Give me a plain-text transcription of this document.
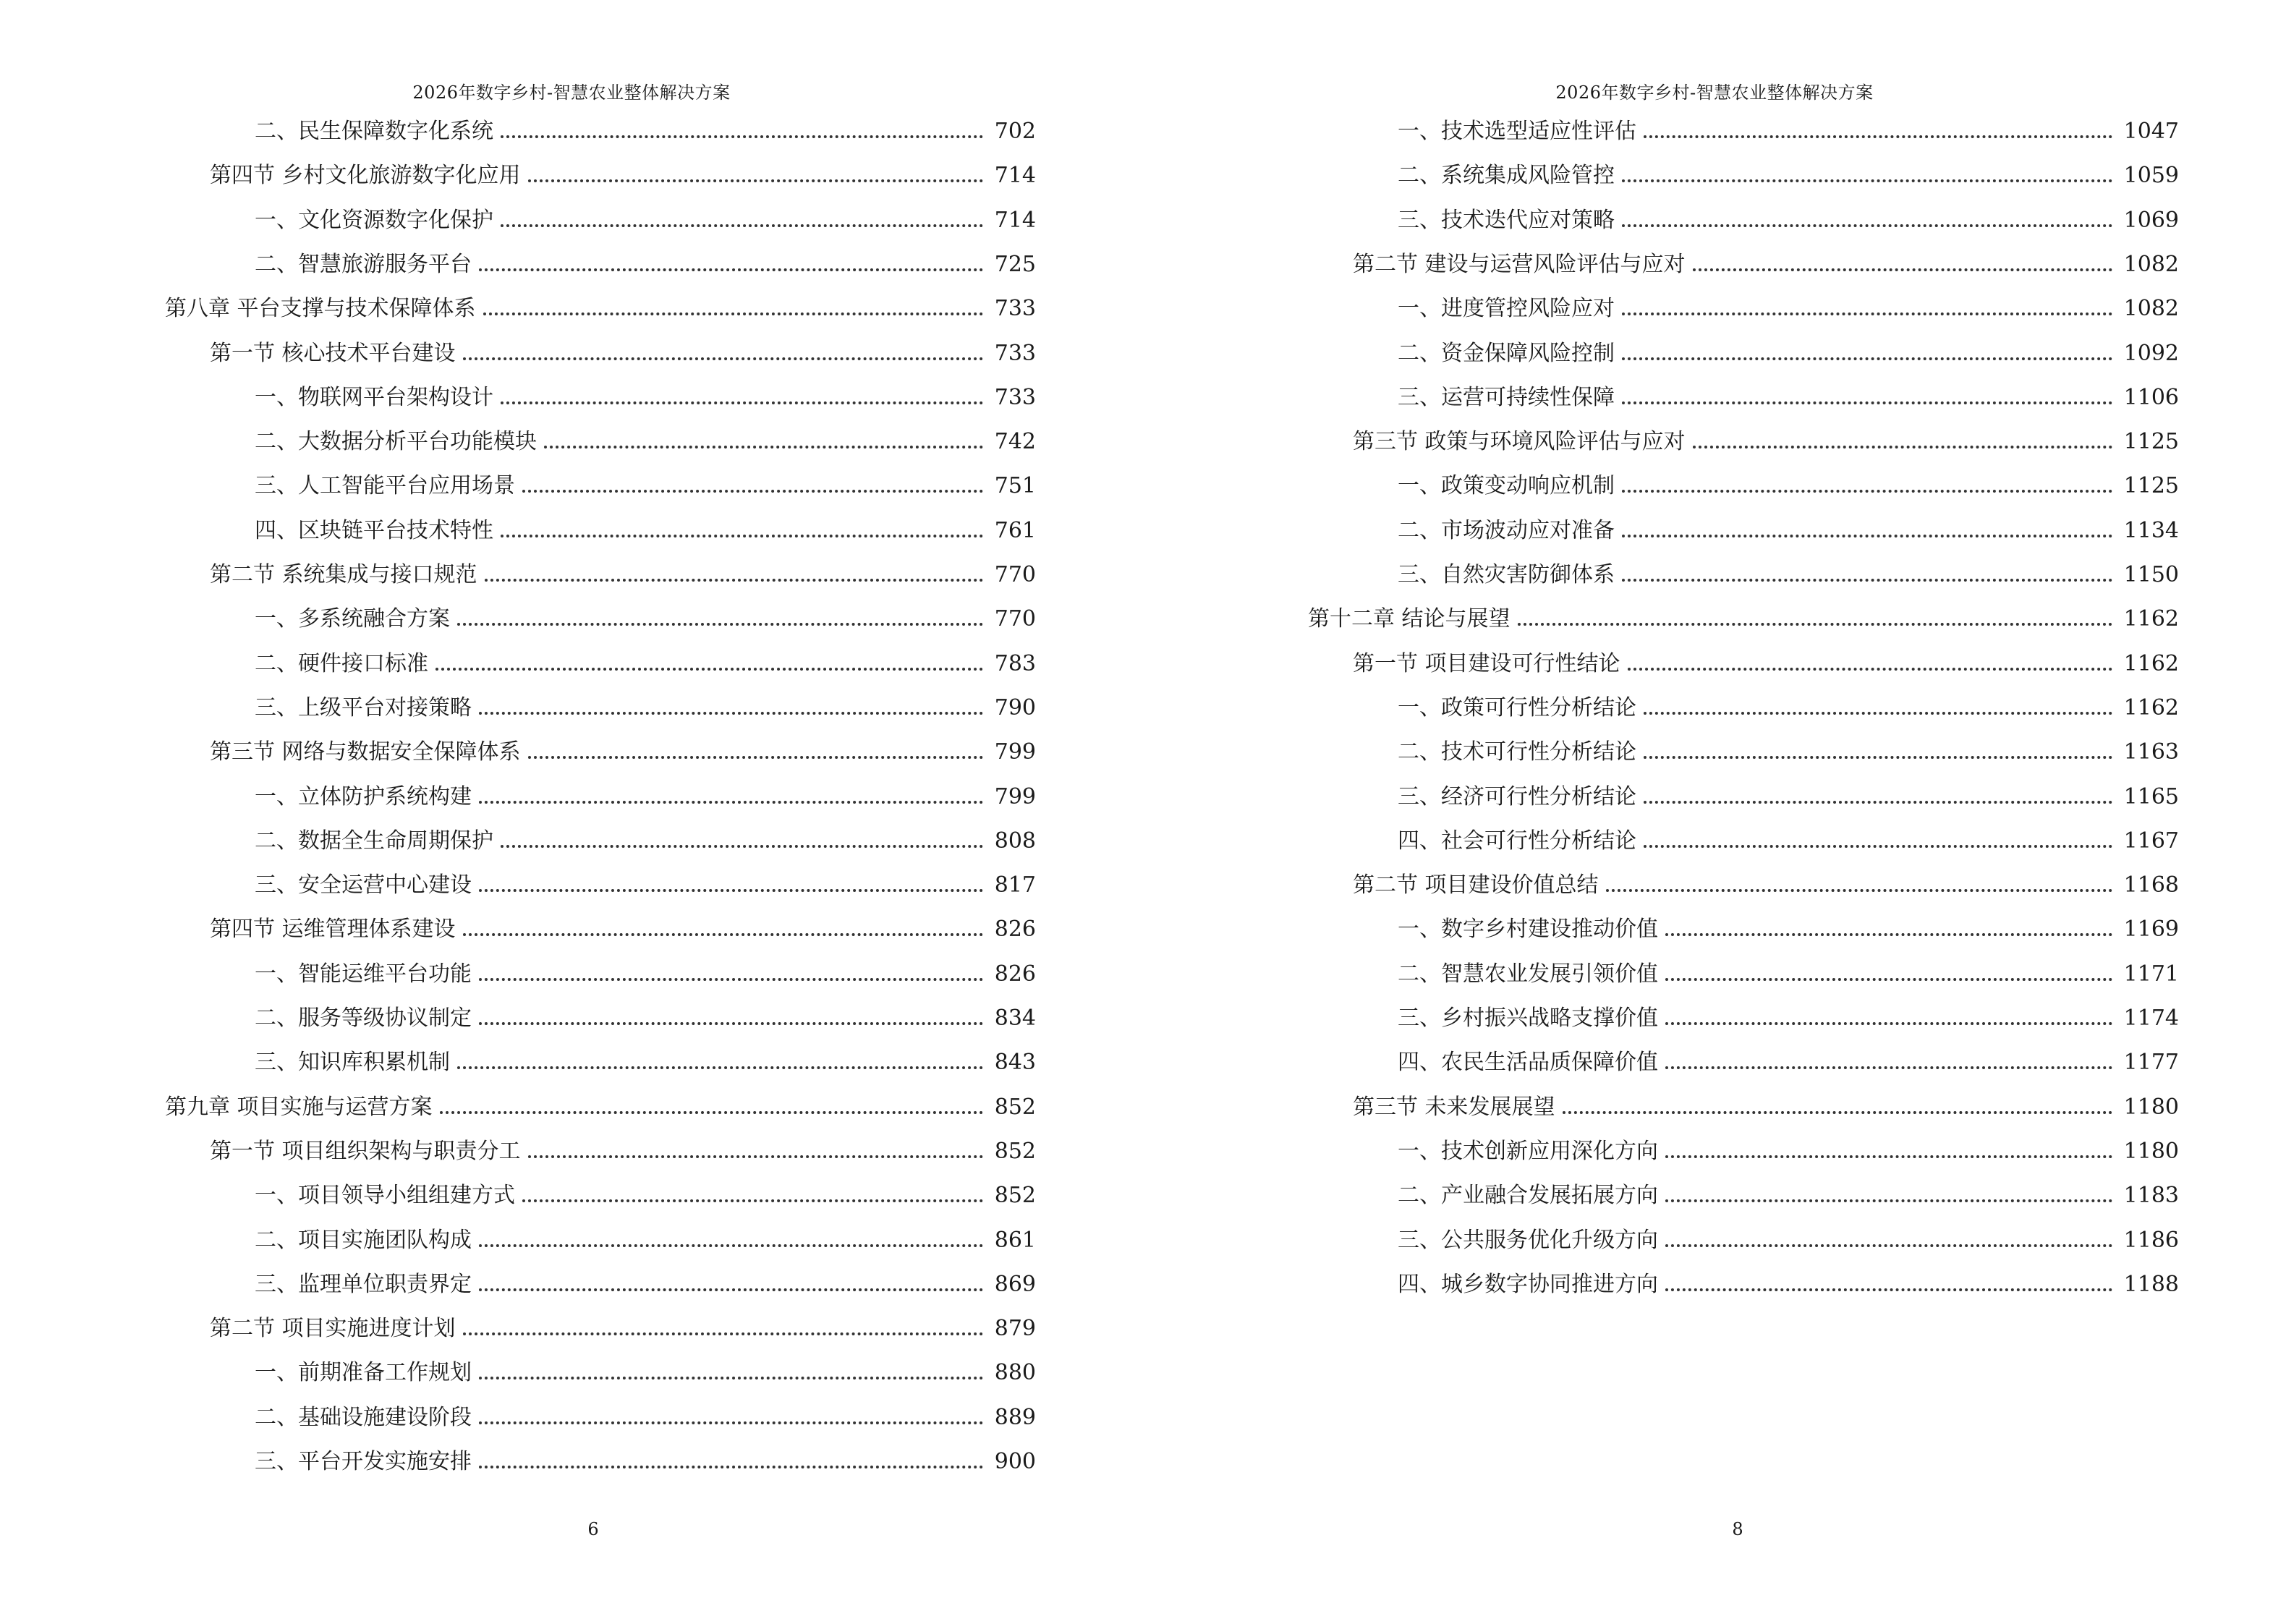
2026年数字乡村-智慧农业整体解决方案
二、民生保障数字化系统	702
第四节 乡村文化旅游数字化应用	714
一、文化资源数字化保护	714
二、智慧旅游服务平台	725
第八章 平台支撑与技术保障体系	733
第一节 核心技术平台建设	733
一、物联网平台架构设计	733
二、大数据分析平台功能模块	742
三、人工智能平台应用场景	751
四、区块链平台技术特性	761
第二节 系统集成与接口规范	770
一、多系统融合方案	770
二、硬件接口标准	783
三、上级平台对接策略	790
第三节 网络与数据安全保障体系	799
一、立体防护系统构建	799
二、数据全生命周期保护	808
三、安全运营中心建设	817
第四节 运维管理体系建设	826
一、智能运维平台功能	826
二、服务等级协议制定	834
三、知识库积累机制	843
第九章 项目实施与运营方案	852
第一节 项目组织架构与职责分工	852
一、项目领导小组组建方式	852
二、项目实施团队构成	861
三、监理单位职责界定	869
第二节 项目实施进度计划	879
一、前期准备工作规划	880
二、基础设施建设阶段	889
三、平台开发实施安排	900
6
2026年数字乡村-智慧农业整体解决方案
一、技术选型适应性评估	1047
二、系统集成风险管控	1059
三、技术迭代应对策略	1069
第二节 建设与运营风险评估与应对	1082
一、进度管控风险应对	1082
二、资金保障风险控制	1092
三、运营可持续性保障	1106
第三节 政策与环境风险评估与应对	1125
一、政策变动响应机制	1125
二、市场波动应对准备	1134
三、自然灾害防御体系	1150
第十二章 结论与展望	1162
第一节 项目建设可行性结论	1162
一、政策可行性分析结论	1162
二、技术可行性分析结论	1163
三、经济可行性分析结论	1165
四、社会可行性分析结论	1167
第二节 项目建设价值总结	1168
一、数字乡村建设推动价值	1169
二、智慧农业发展引领价值	1171
三、乡村振兴战略支撑价值	1174
四、农民生活品质保障价值	1177
第三节 未来发展展望	1180
一、技术创新应用深化方向	1180
二、产业融合发展拓展方向	1183
三、公共服务优化升级方向	1186
四、城乡数字协同推进方向	1188
8
